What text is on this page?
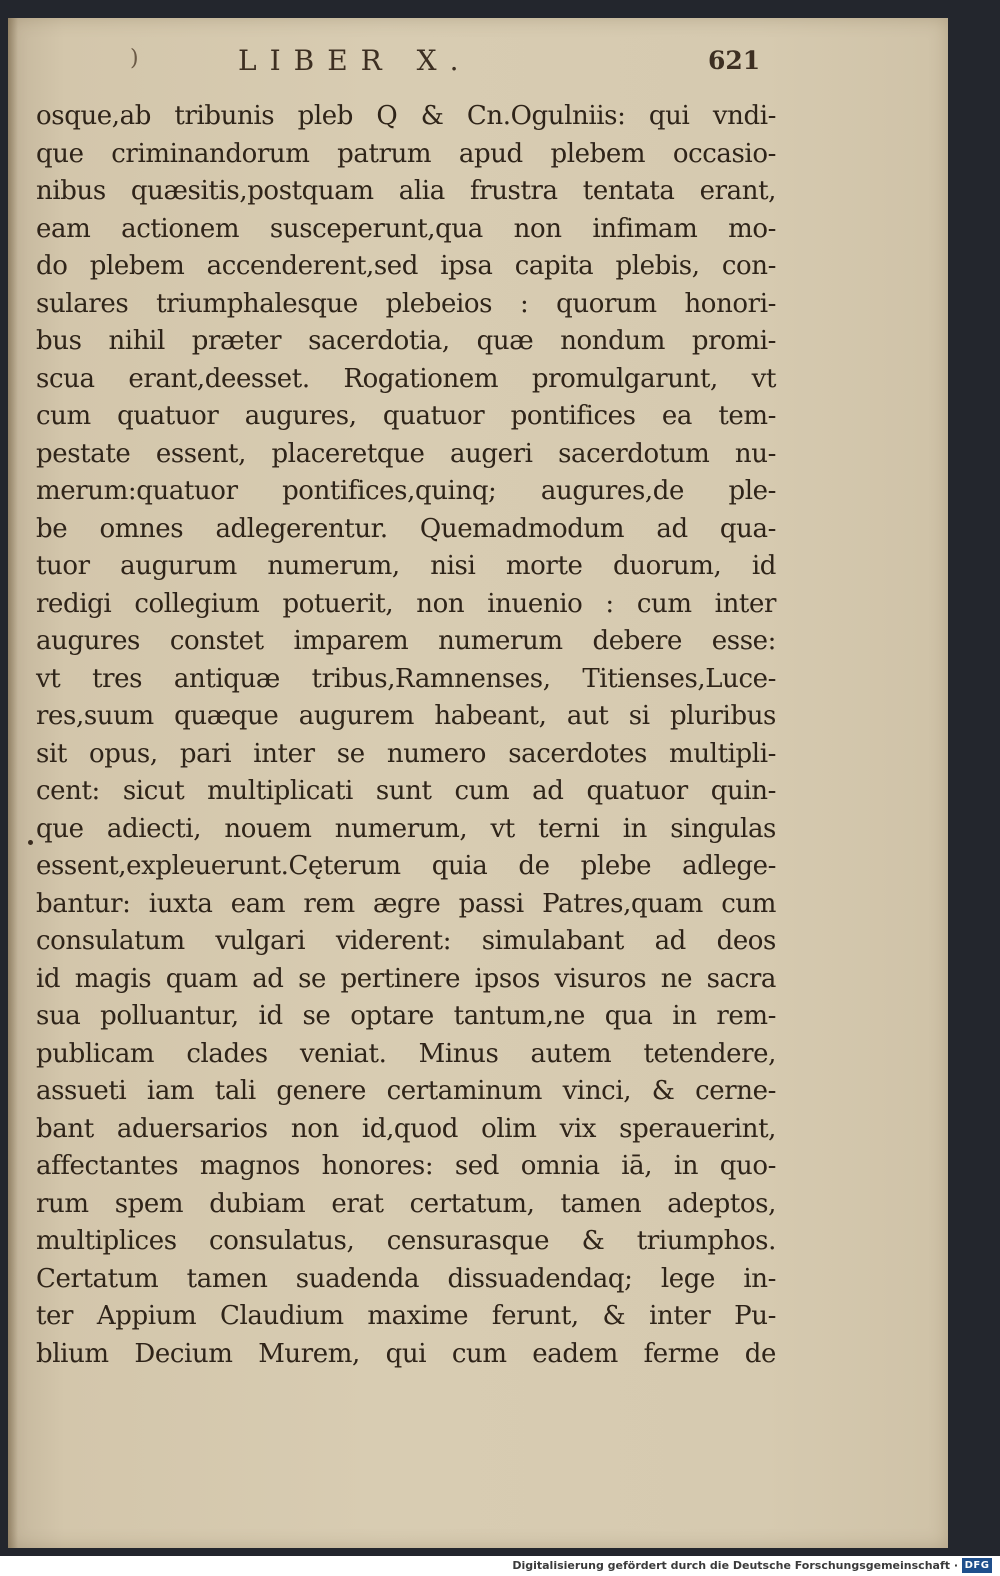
)	LIBER X.	621
osque,ab tribunis pleb Q & Cn.Ogulniis: qui vndi-
que criminandorum patrum apud plebem occasio-
nibus quæsitis,postquam alia frustra tentata erant,
eam actionem susceperunt,qua non infimam mo-
do plebem accenderent,sed ipsa capita plebis, con-
sulares triumphalesque plebeios : quorum honori-
bus nihil præter sacerdotia, quæ nondum promi-
scua erant,deesset. Rogationem promulgarunt, vt
cum quatuor augures, quatuor pontifices ea tem-
pestate essent, placeretque augeri sacerdotum nu-
merum:quatuor pontifices,quinq; augures,de ple-
be omnes adlegerentur. Quemadmodum ad qua-
tuor augurum numerum, nisi morte duorum, id
redigi collegium potuerit, non inuenio : cum inter
augures constet imparem numerum debere esse:
vt tres antiquæ tribus,Ramnenses, Titienses,Luce-
res,suum quæque augurem habeant, aut si pluribus
sit opus, pari inter se numero sacerdotes multipli-
cent: sicut multiplicati sunt cum ad quatuor quin-
que adiecti, nouem numerum, vt terni in singulas
essent,expleuerunt.Cęterum quia de plebe adlege-
bantur: iuxta eam rem ægre passi Patres,quam cum
consulatum vulgari viderent: simulabant ad deos
id magis quam ad se pertinere ipsos visuros ne sacra
sua polluantur, id se optare tantum,ne qua in rem-
publicam clades veniat. Minus autem tetendere,
assueti iam tali genere certaminum vinci, & cerne-
bant aduersarios non id,quod olim vix sperauerint,
affectantes magnos honores: sed omnia iā, in quo-
rum spem dubiam erat certatum, tamen adeptos,
multiplices consulatus, censurasque & triumphos.
Certatum tamen suadenda dissuadendaq; lege in-
ter Appium Claudium maxime ferunt, & inter Pu-
blium Decium Murem, qui cum eadem ferme de
Digitalisierung gefördert durch die Deutsche Forschungsgemeinschaft · DFG
